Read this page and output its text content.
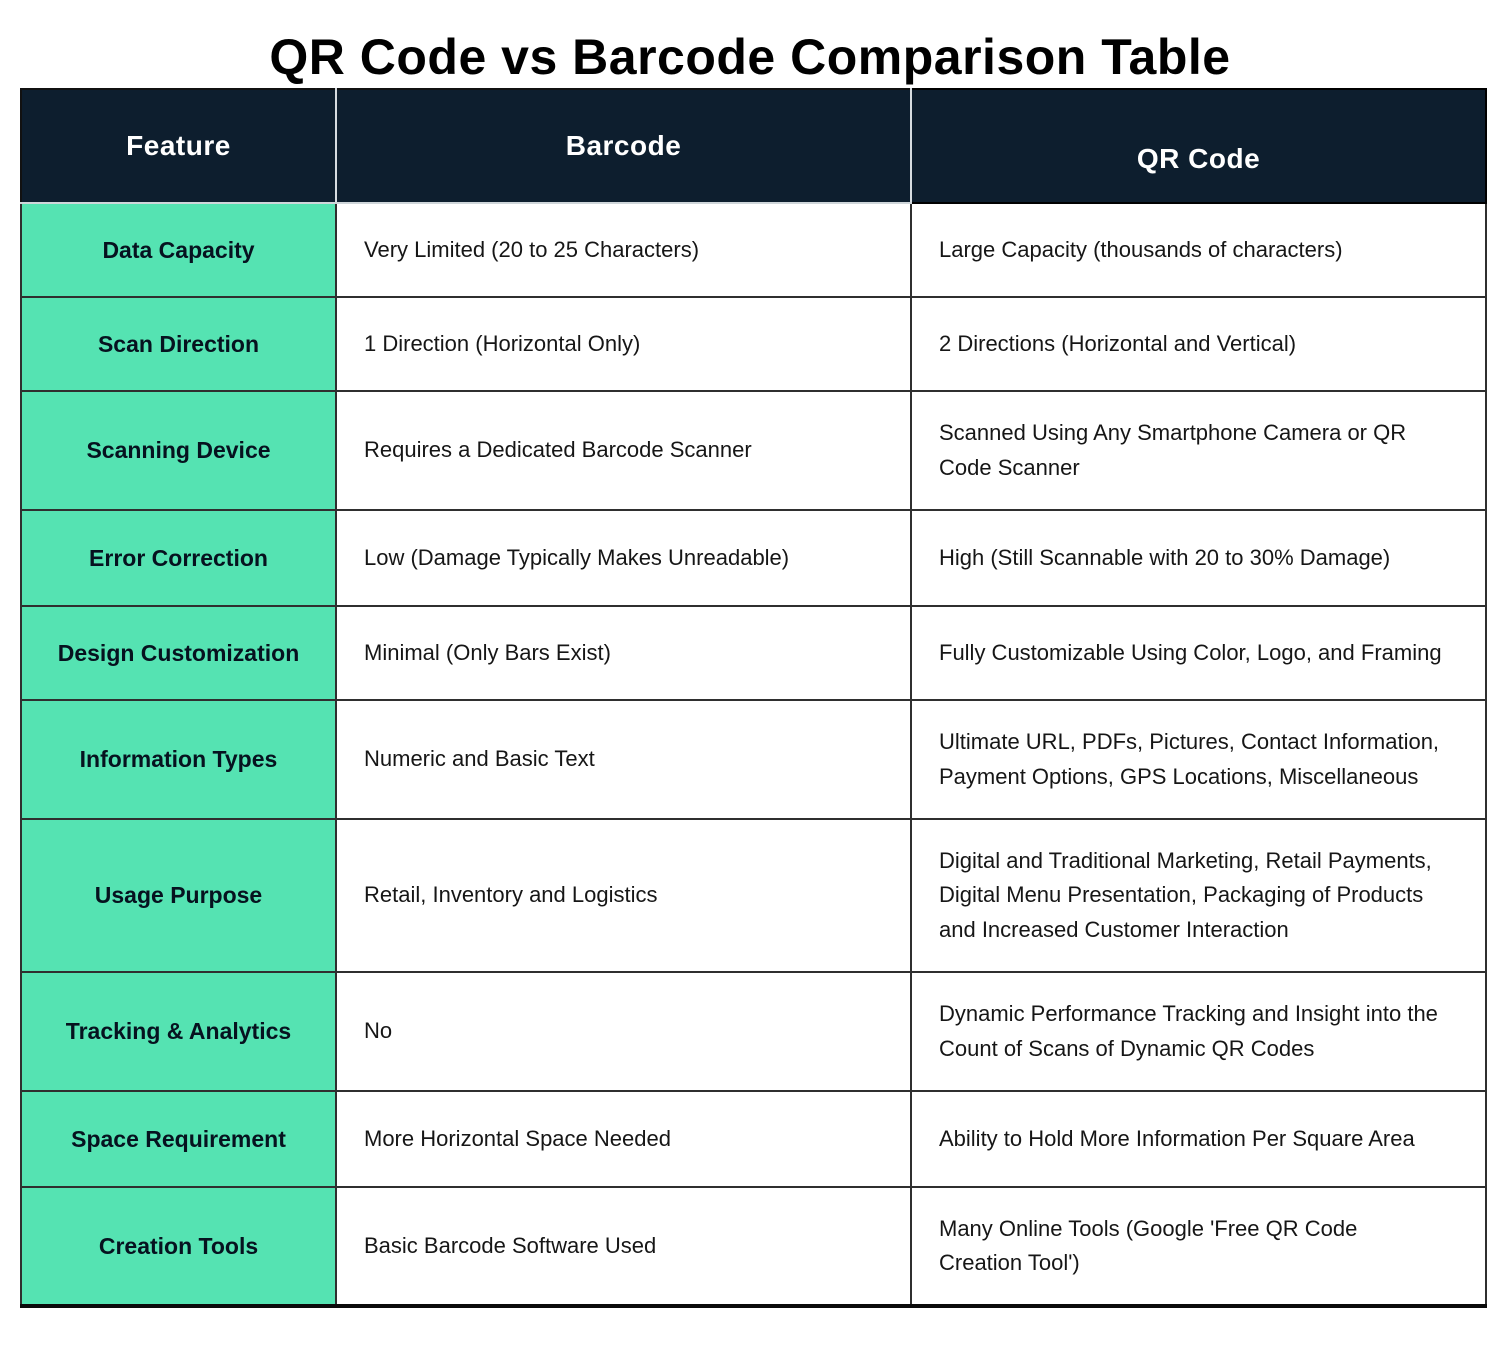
QR Code vs Barcode Comparison Table
Feature	Barcode	QR Code
Data Capacity	Very Limited (20 to 25 Characters)	Large Capacity (thousands of characters)
Scan Direction	1 Direction (Horizontal Only)	2 Directions (Horizontal and Vertical)
Scanning Device	Requires a Dedicated Barcode Scanner	Scanned Using Any Smartphone Camera or QR Code Scanner
Error Correction	Low (Damage Typically Makes Unreadable)	High (Still Scannable with 20 to 30% Damage)
Design Customization	Minimal (Only Bars Exist)	Fully Customizable Using Color, Logo, and Framing
Information Types	Numeric and Basic Text	Ultimate URL, PDFs, Pictures, Contact Information, Payment Options, GPS Locations, Miscellaneous
Usage Purpose	Retail, Inventory and Logistics	Digital and Traditional Marketing, Retail Payments, Digital Menu Presentation, Packaging of Products and Increased Customer Interaction
Tracking & Analytics	No	Dynamic Performance Tracking and Insight into the Count of Scans of Dynamic QR Codes
Space Requirement	More Horizontal Space Needed	Ability to Hold More Information Per Square Area
Creation Tools	Basic Barcode Software Used	Many Online Tools (Google 'Free QR Code Creation Tool')
